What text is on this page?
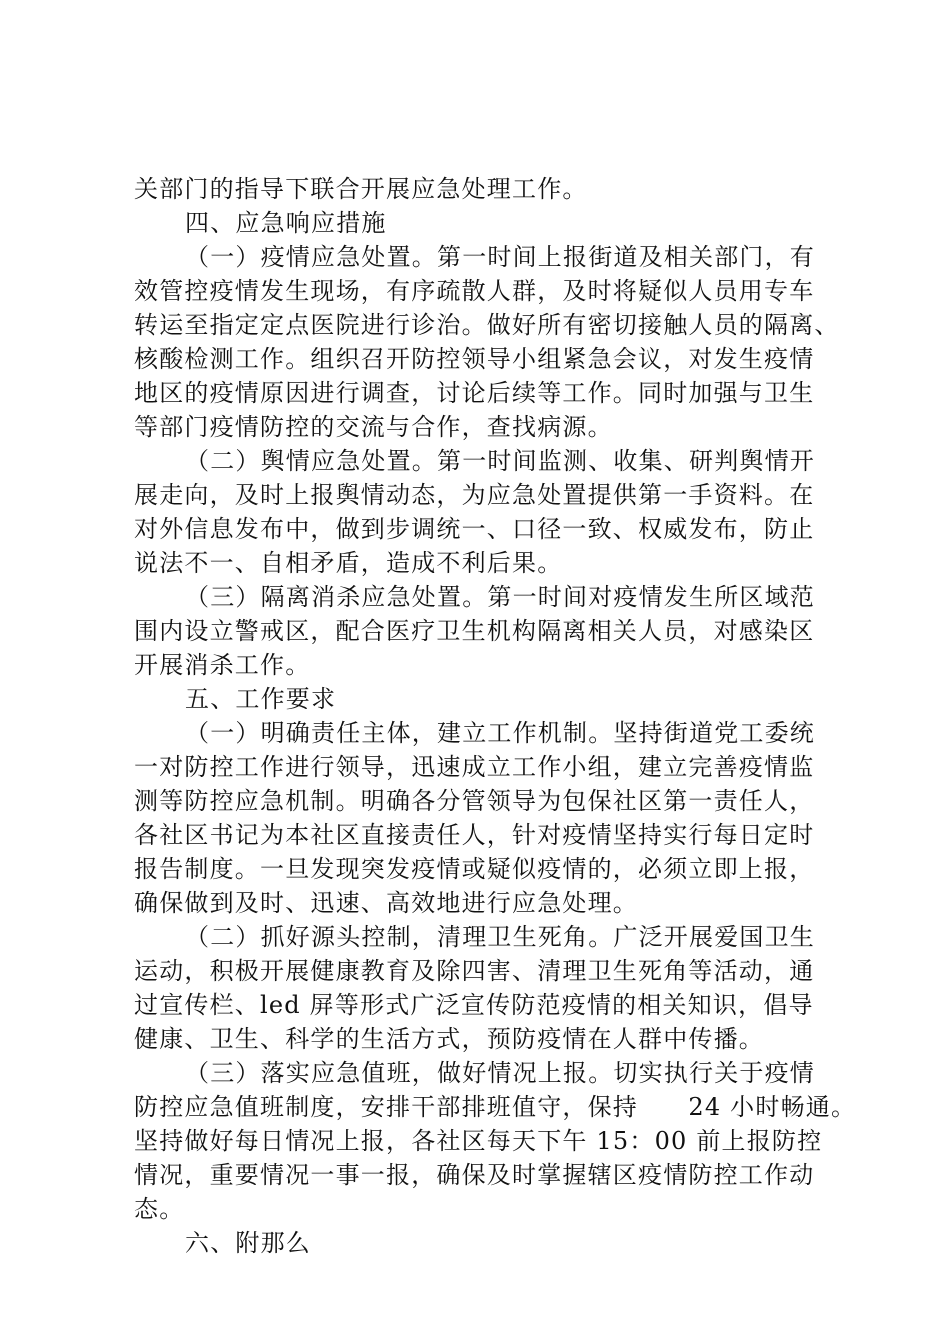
关部门的指导下联合开展应急处理工作。
四、应急响应措施
（一）疫情应急处置。第一时间上报街道及相关部门，有
效管控疫情发生现场，有序疏散人群，及时将疑似人员用专车
转运至指定定点医院进行诊治。做好所有密切接触人员的隔离、
核酸检测工作。组织召开防控领导小组紧急会议，对发生疫情
地区的疫情原因进行调查，讨论后续等工作。同时加强与卫生
等部门疫情防控的交流与合作，查找病源。
（二）舆情应急处置。第一时间监测、收集、研判舆情开
展走向，及时上报舆情动态，为应急处置提供第一手资料。在
对外信息发布中，做到步调统一、口径一致、权威发布，防止
说法不一、自相矛盾，造成不利后果。
（三）隔离消杀应急处置。第一时间对疫情发生所区域范
围内设立警戒区，配合医疗卫生机构隔离相关人员，对感染区
开展消杀工作。
五、工作要求
（一）明确责任主体，建立工作机制。坚持街道党工委统
一对防控工作进行领导，迅速成立工作小组，建立完善疫情监
测等防控应急机制。明确各分管领导为包保社区第一责任人，
各社区书记为本社区直接责任人，针对疫情坚持实行每日定时
报告制度。一旦发现突发疫情或疑似疫情的，必须立即上报，
确保做到及时、迅速、高效地进行应急处理。
（二）抓好源头控制，清理卫生死角。广泛开展爱国卫生
运动，积极开展健康教育及除四害、清理卫生死角等活动，通
过宣传栏、led 屏等形式广泛宣传防范疫情的相关知识，倡导
健康、卫生、科学的生活方式，预防疫情在人群中传播。
（三）落实应急值班，做好情况上报。切实执行关于疫情
防控应急值班制度，安排干部排班值守，保持　　24 小时畅通。
坚持做好每日情况上报，各社区每天下午 15：00 前上报防控
情况，重要情况一事一报，确保及时掌握辖区疫情防控工作动
态。
六、附那么
